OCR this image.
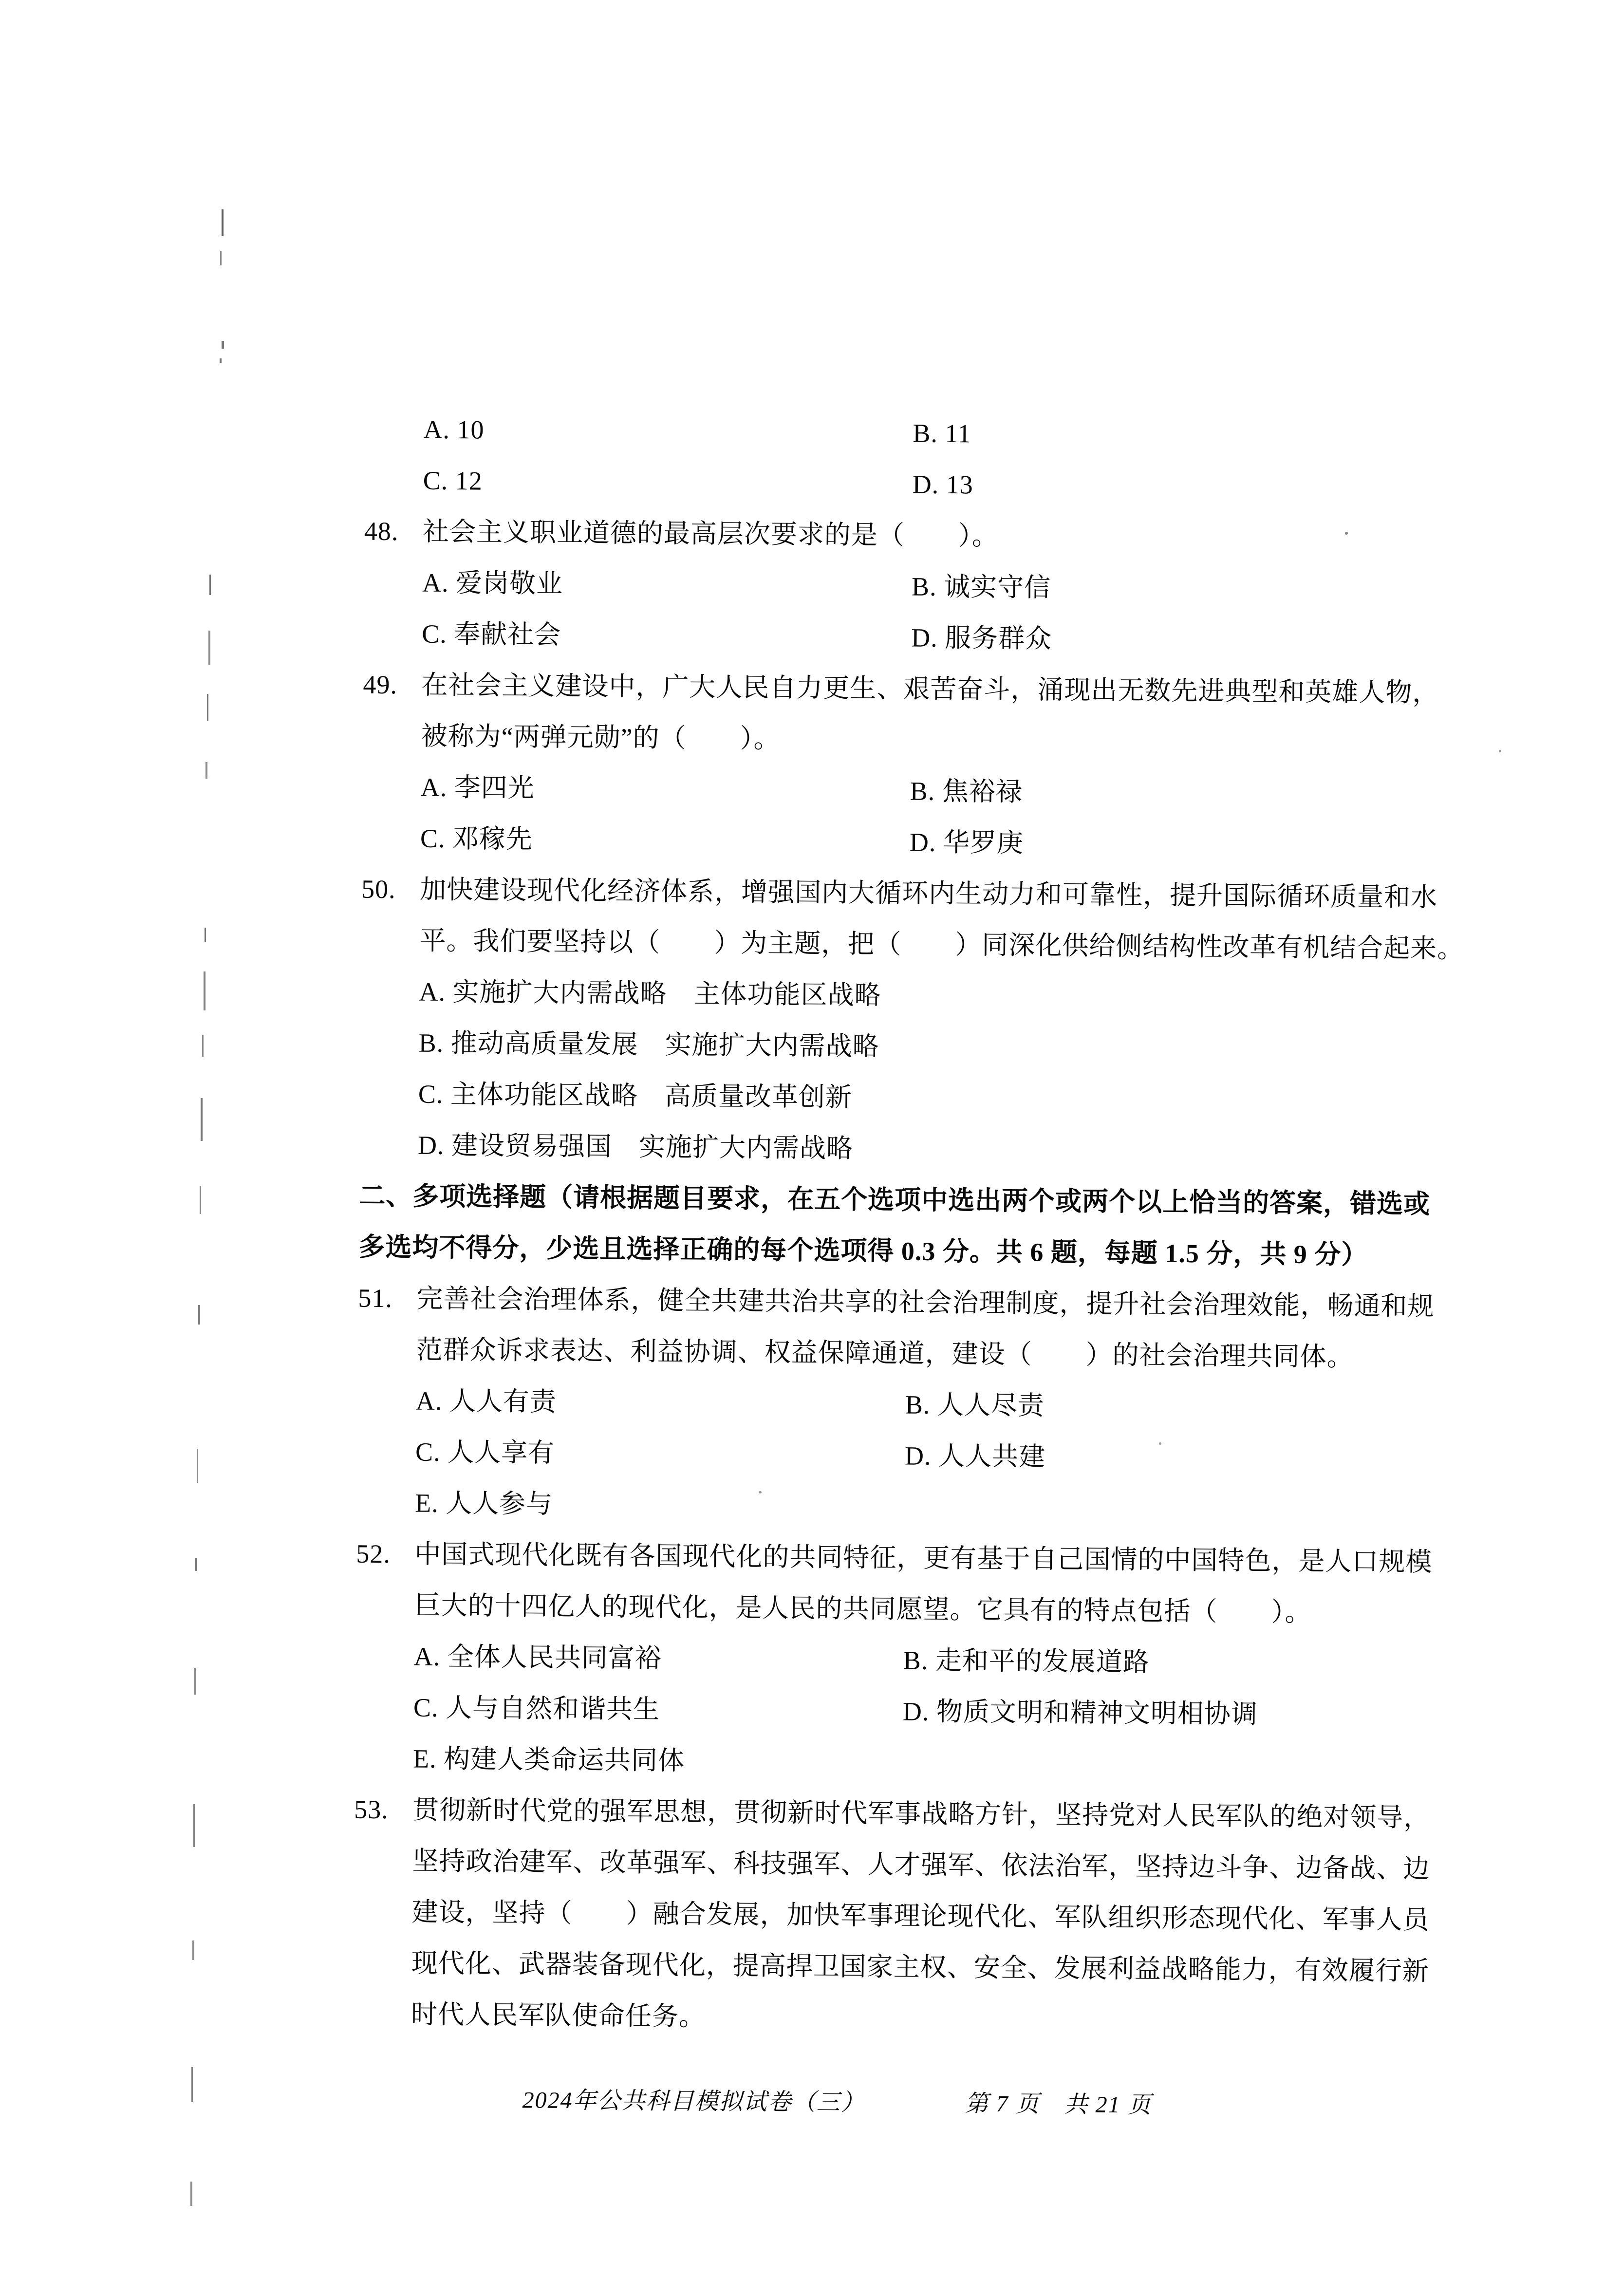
A. 10	B. 11
C. 12	D. 13
48. 社会主义职业道德的最高层次要求的是（　　）。
A. 爱岗敬业	B. 诚实守信
C. 奉献社会	D. 服务群众
49. 在社会主义建设中，广大人民自力更生、艰苦奋斗，涌现出无数先进典型和英雄人物，
被称为“两弹元勋”的（　　）。
A. 李四光	B. 焦裕禄
C. 邓稼先	D. 华罗庚
50. 加快建设现代化经济体系，增强国内大循环内生动力和可靠性，提升国际循环质量和水
平。我们要坚持以（　　）为主题，把（　　）同深化供给侧结构性改革有机结合起来。
A. 实施扩大内需战略　主体功能区战略
B. 推动高质量发展　实施扩大内需战略
C. 主体功能区战略　高质量改革创新
D. 建设贸易强国　实施扩大内需战略
二、多项选择题（请根据题目要求，在五个选项中选出两个或两个以上恰当的答案，错选或
多选均不得分，少选且选择正确的每个选项得 0.3 分。共 6 题，每题 1.5 分，共 9 分）
51. 完善社会治理体系，健全共建共治共享的社会治理制度，提升社会治理效能，畅通和规
范群众诉求表达、利益协调、权益保障通道，建设（　　）的社会治理共同体。
A. 人人有责	B. 人人尽责
C. 人人享有	D. 人人共建
E. 人人参与
52. 中国式现代化既有各国现代化的共同特征，更有基于自己国情的中国特色，是人口规模
巨大的十四亿人的现代化，是人民的共同愿望。它具有的特点包括（　　）。
A. 全体人民共同富裕	B. 走和平的发展道路
C. 人与自然和谐共生	D. 物质文明和精神文明相协调
E. 构建人类命运共同体
53. 贯彻新时代党的强军思想，贯彻新时代军事战略方针，坚持党对人民军队的绝对领导，
坚持政治建军、改革强军、科技强军、人才强军、依法治军，坚持边斗争、边备战、边
建设，坚持（　　）融合发展，加快军事理论现代化、军队组织形态现代化、军事人员
现代化、武器装备现代化，提高捍卫国家主权、安全、发展利益战略能力，有效履行新
时代人民军队使命任务。
2024年公共科目模拟试卷（三）	第 7 页　共 21 页
